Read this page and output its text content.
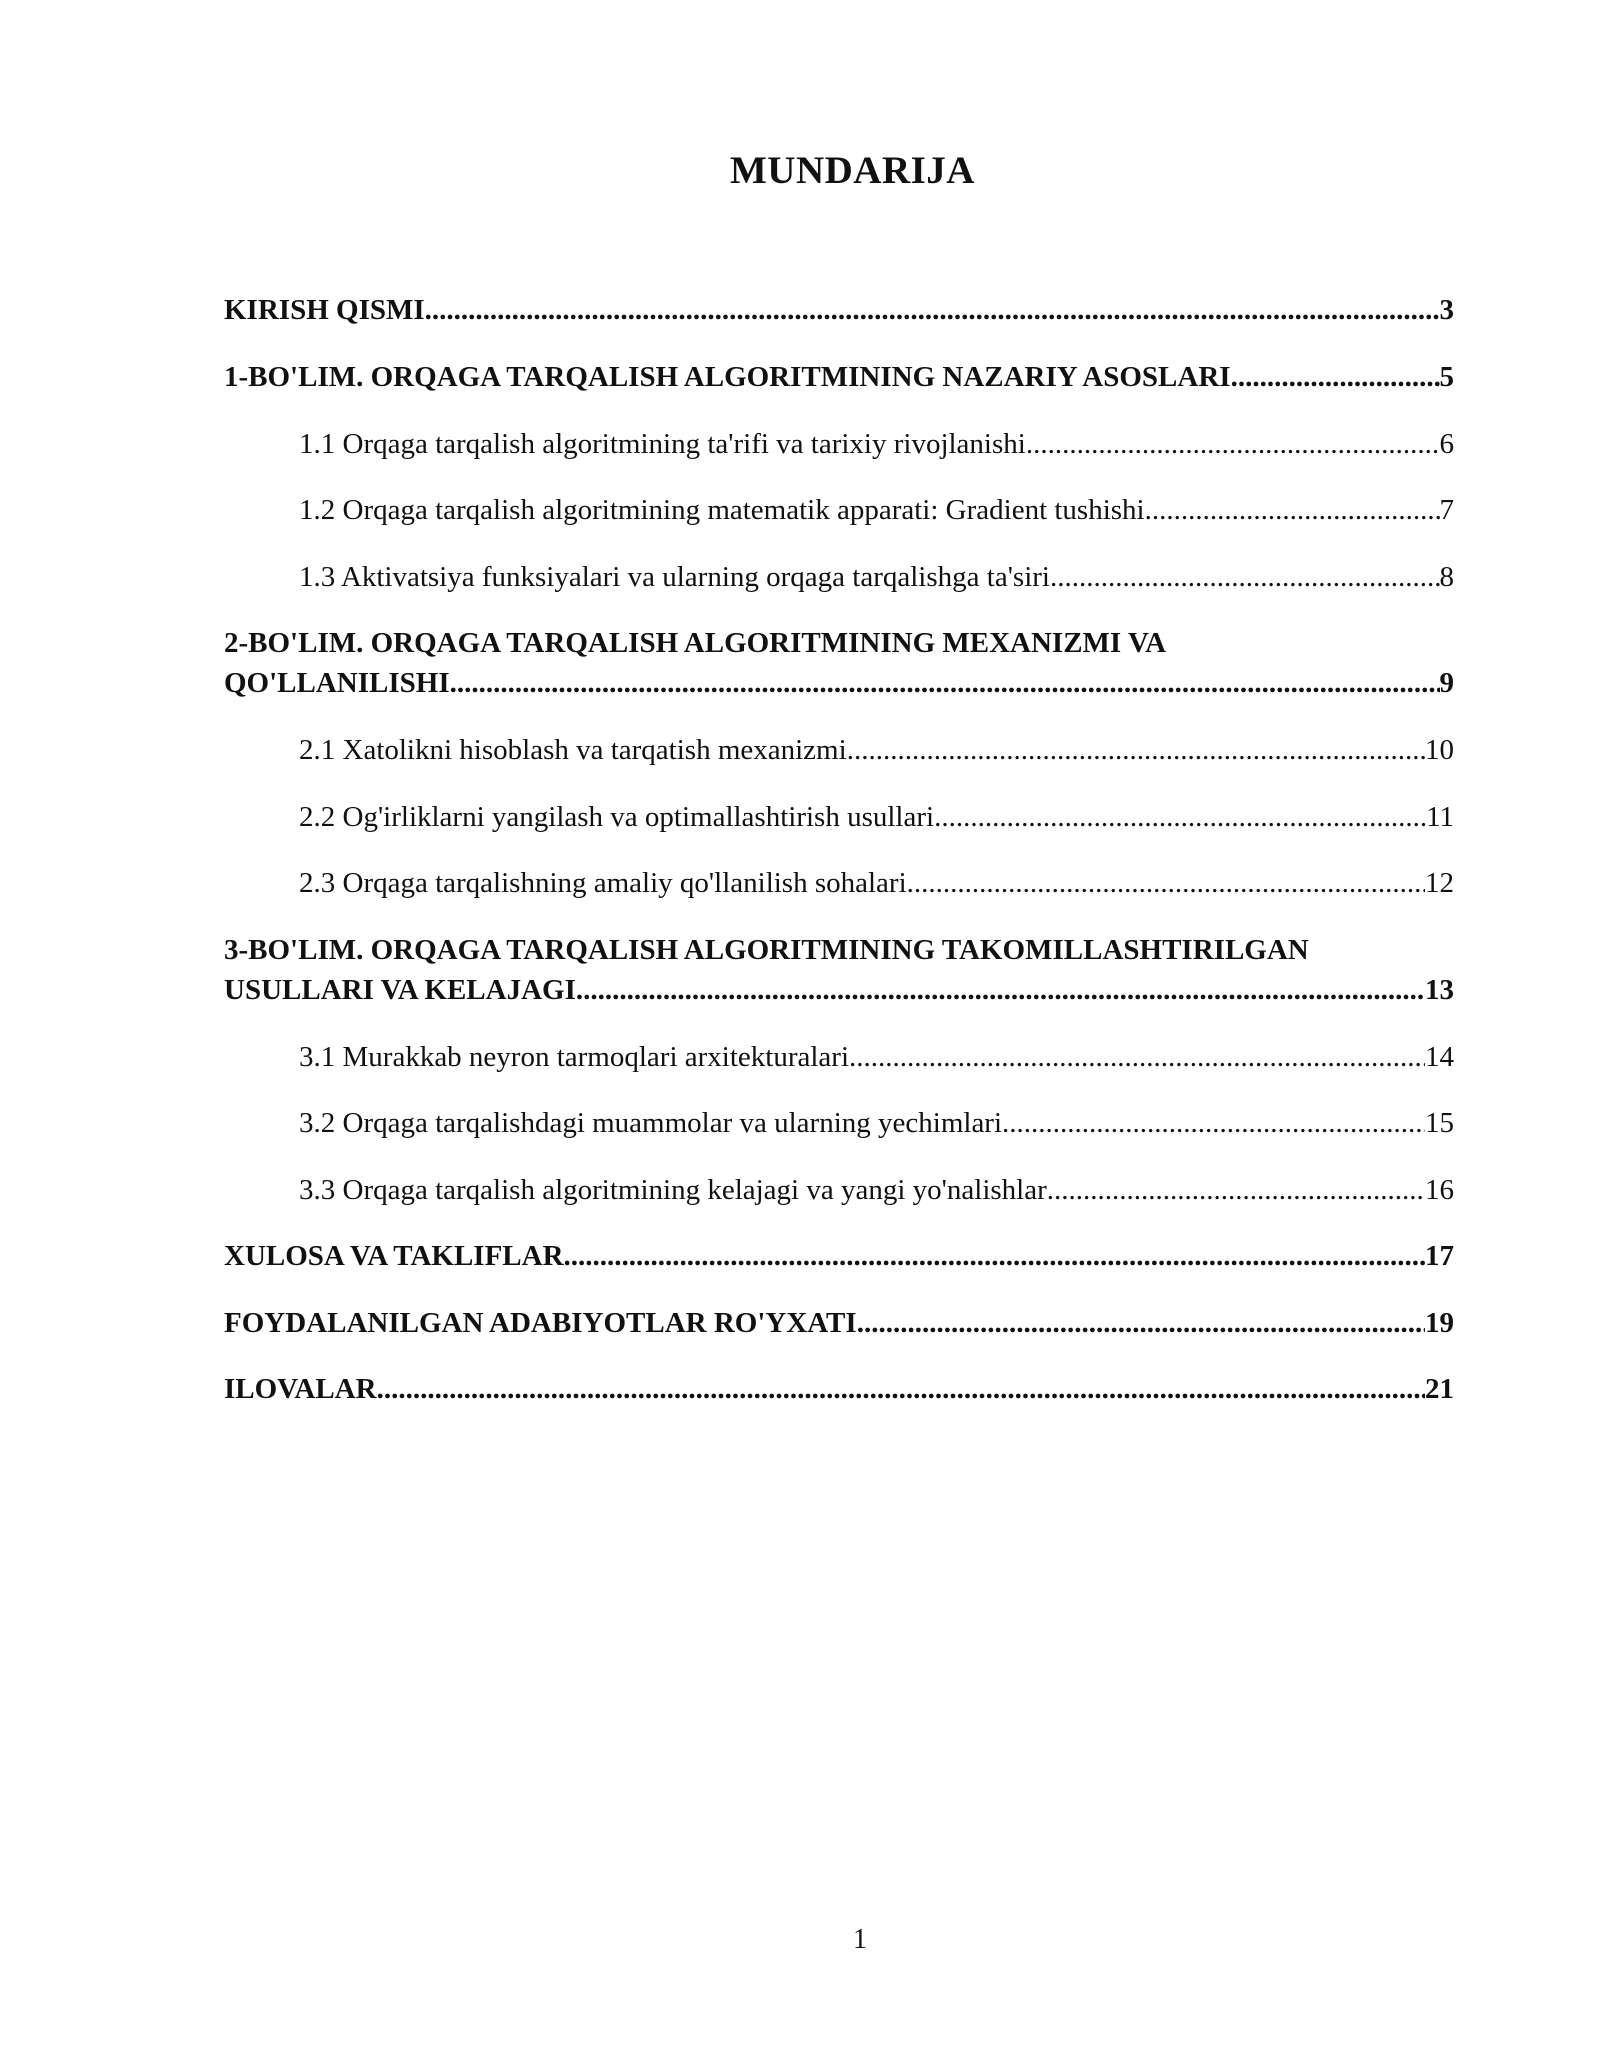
MUNDARIJA
KIRISH QISMI .....	3
1-BO'LIM. ORQAGA TARQALISH ALGORITMINING NAZARIY ASOSLARI .....	5
1.1 Orqaga tarqalish algoritmining ta'rifi va tarixiy rivojlanishi .....	6
1.2 Orqaga tarqalish algoritmining matematik apparati: Gradient tushishi .....	7
1.3 Aktivatsiya funksiyalari va ularning orqaga tarqalishga ta'siri .....	8
2-BO'LIM. ORQAGA TARQALISH ALGORITMINING MEXANIZMI VA
QO'LLANILISHI .....	9
2.1 Xatolikni hisoblash va tarqatish mexanizmi .....	10
2.2 Og'irliklarni yangilash va optimallashtirish usullari .....	11
2.3 Orqaga tarqalishning amaliy qo'llanilish sohalari .....	12
3-BO'LIM. ORQAGA TARQALISH ALGORITMINING TAKOMILLASHTIRILGAN
USULLARI VA KELAJAGI .....	13
3.1 Murakkab neyron tarmoqlari arxitekturalari .....	14
3.2 Orqaga tarqalishdagi muammolar va ularning yechimlari .....	15
3.3 Orqaga tarqalish algoritmining kelajagi va yangi yo'nalishlar .....	16
XULOSA VA TAKLIFLAR .....	17
FOYDALANILGAN ADABIYOTLAR RO'YXATI .....	19
ILOVALAR .....	21
1
